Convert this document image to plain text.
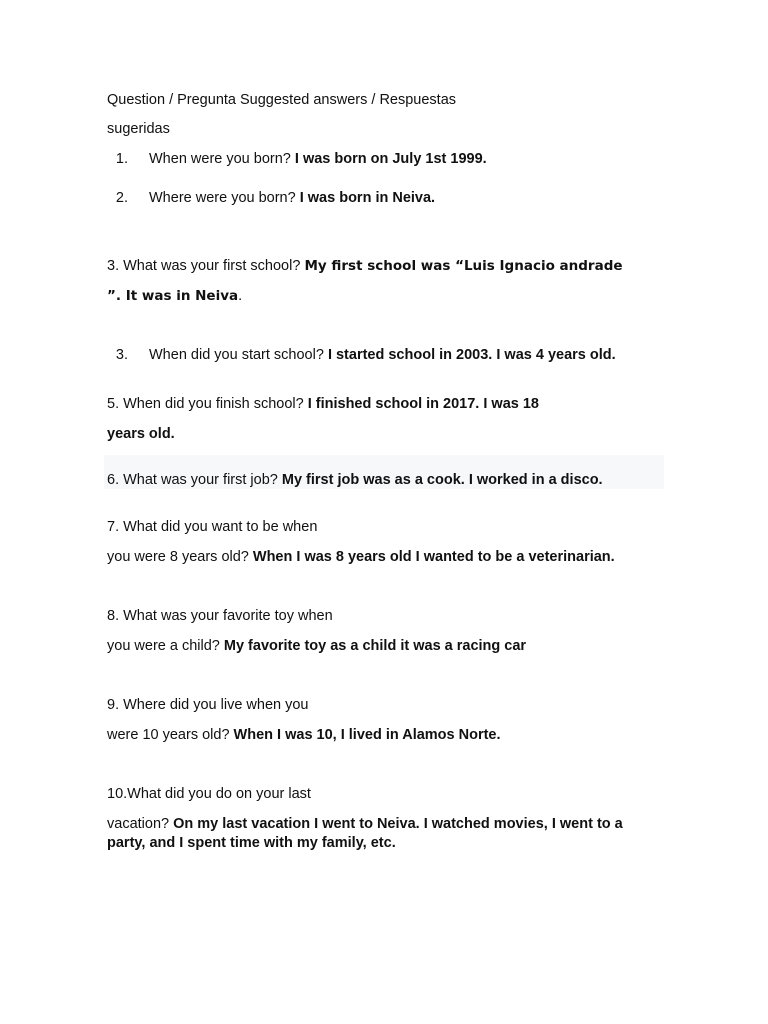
Question / Pregunta Suggested answers / Respuestas
sugeridas
1. When were you born? I was born on July 1st 1999.
2. Where were you born? I was born in Neiva.
3. What was your first school? My first school was “Luis Ignacio andrade
”. It was in Neiva.
3. When did you start school? I started school in 2003. I was 4 years old.
5. When did you finish school? I finished school in 2017. I was 18
years old.
6. What was your first job? My first job was as a cook. I worked in a disco.
7. What did you want to be when
you were 8 years old? When I was 8 years old I wanted to be a veterinarian.
8. What was your favorite toy when
you were a child? My favorite toy as a child it was a racing car
9. Where did you live when you
were 10 years old? When I was 10, I lived in Alamos Norte.
10.What did you do on your last
vacation? On my last vacation I went to Neiva. I watched movies, I went to a
party, and I spent time with my family, etc.
